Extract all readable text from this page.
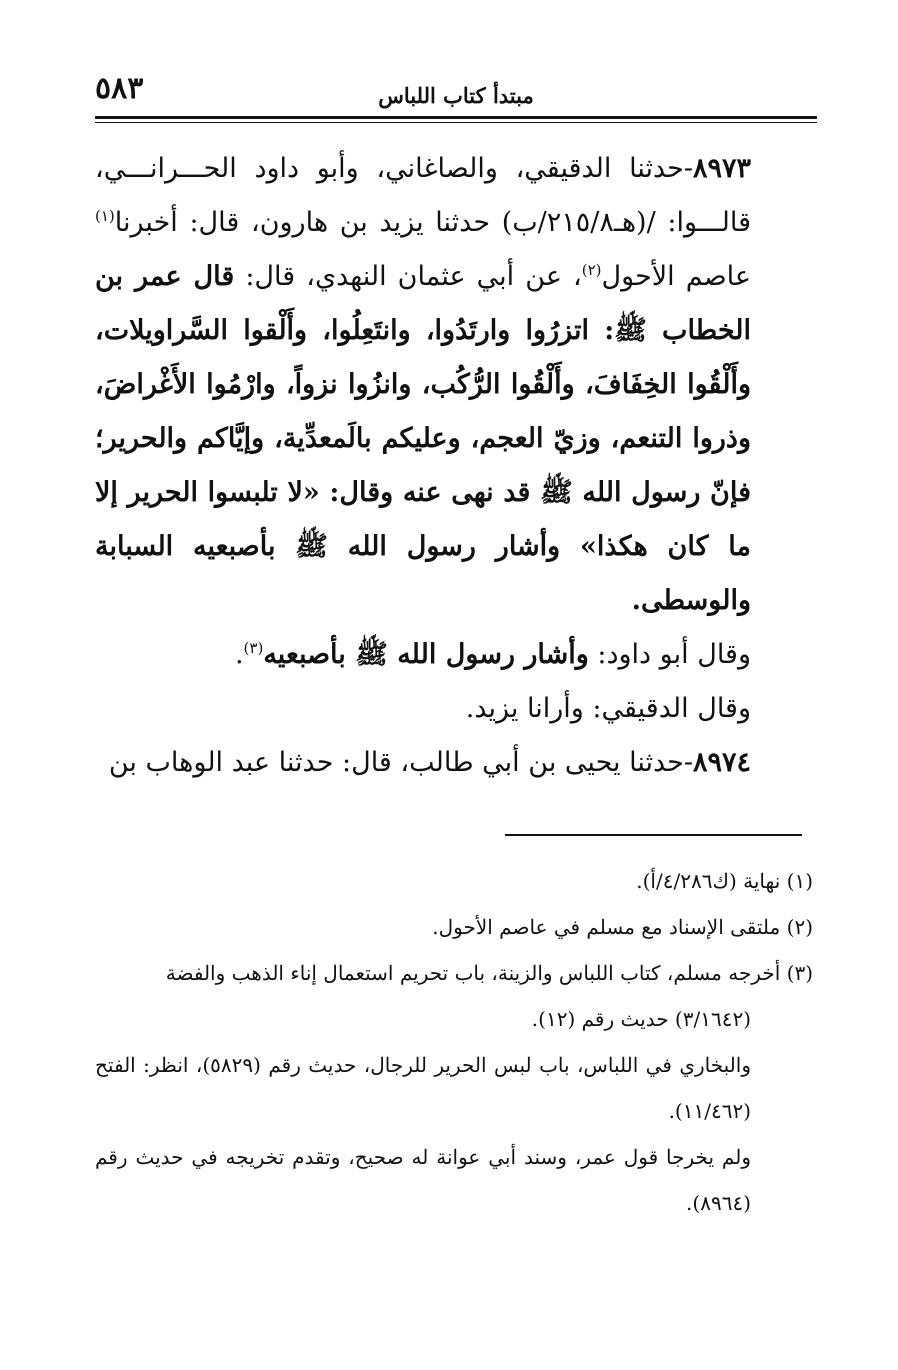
٥٨٣	مبتدأ كتاب اللباس

٨٩٧٣-حدثنا الدقيقي، والصاغاني، وأبو داود الحـــرانـــي، قالـــوا: /(هـ٢١٥/٨/ب) حدثنا يزيد بن هارون، قال: أخبرنا$^{(١)}$ عاصم الأحول$^{(٢)}$، عن أبي عثمان النهدي، قال: قال عمر بن الخطاب ﷺ: اتزرُوا وارتَدُوا، وانتَعِلُوا، وأَلْقوا السَّراويلات، وأَلْقُوا الخِفَافَ، وأَلْقُوا الرُّكُب، وانزُوا نزواً، وارْمُوا الأَغْراضَ، وذروا التنعم، وزيّ العجم، وعليكم بالَمعدِّية، وإيَّاكم والحرير؛ فإنّ رسول الله ﷺ قد نهى عنه وقال: «لا تلبسوا الحرير إلا ما كان هكذا» وأشار رسول الله ﷺ بأصبعيه السبابة والوسطى.

وقال أبو داود: وأشار رسول الله ﷺ بأصبعيه$^{(٣)}$.

وقال الدقيقي: وأرانا يزيد.

٨٩٧٤-حدثنا يحيى بن أبي طالب، قال: حدثنا عبد الوهاب بن

(١) نهاية (ك٤/٢٨٦/أ).

(٢) ملتقى الإسناد مع مسلم في عاصم الأحول.

(٣) أخرجه مسلم، كتاب اللباس والزينة، باب تحريم استعمال إناء الذهب والفضة

(٣/١٦٤٢) حديث رقم (١٢).

والبخاري في اللباس، باب لبس الحرير للرجال، حديث رقم (٥٨٢٩)، انظر: الفتح (١١/٤٦٢).

ولم يخرجا قول عمر، وسند أبي عوانة له صحيح، وتقدم تخريجه في حديث رقم (٨٩٦٤).
